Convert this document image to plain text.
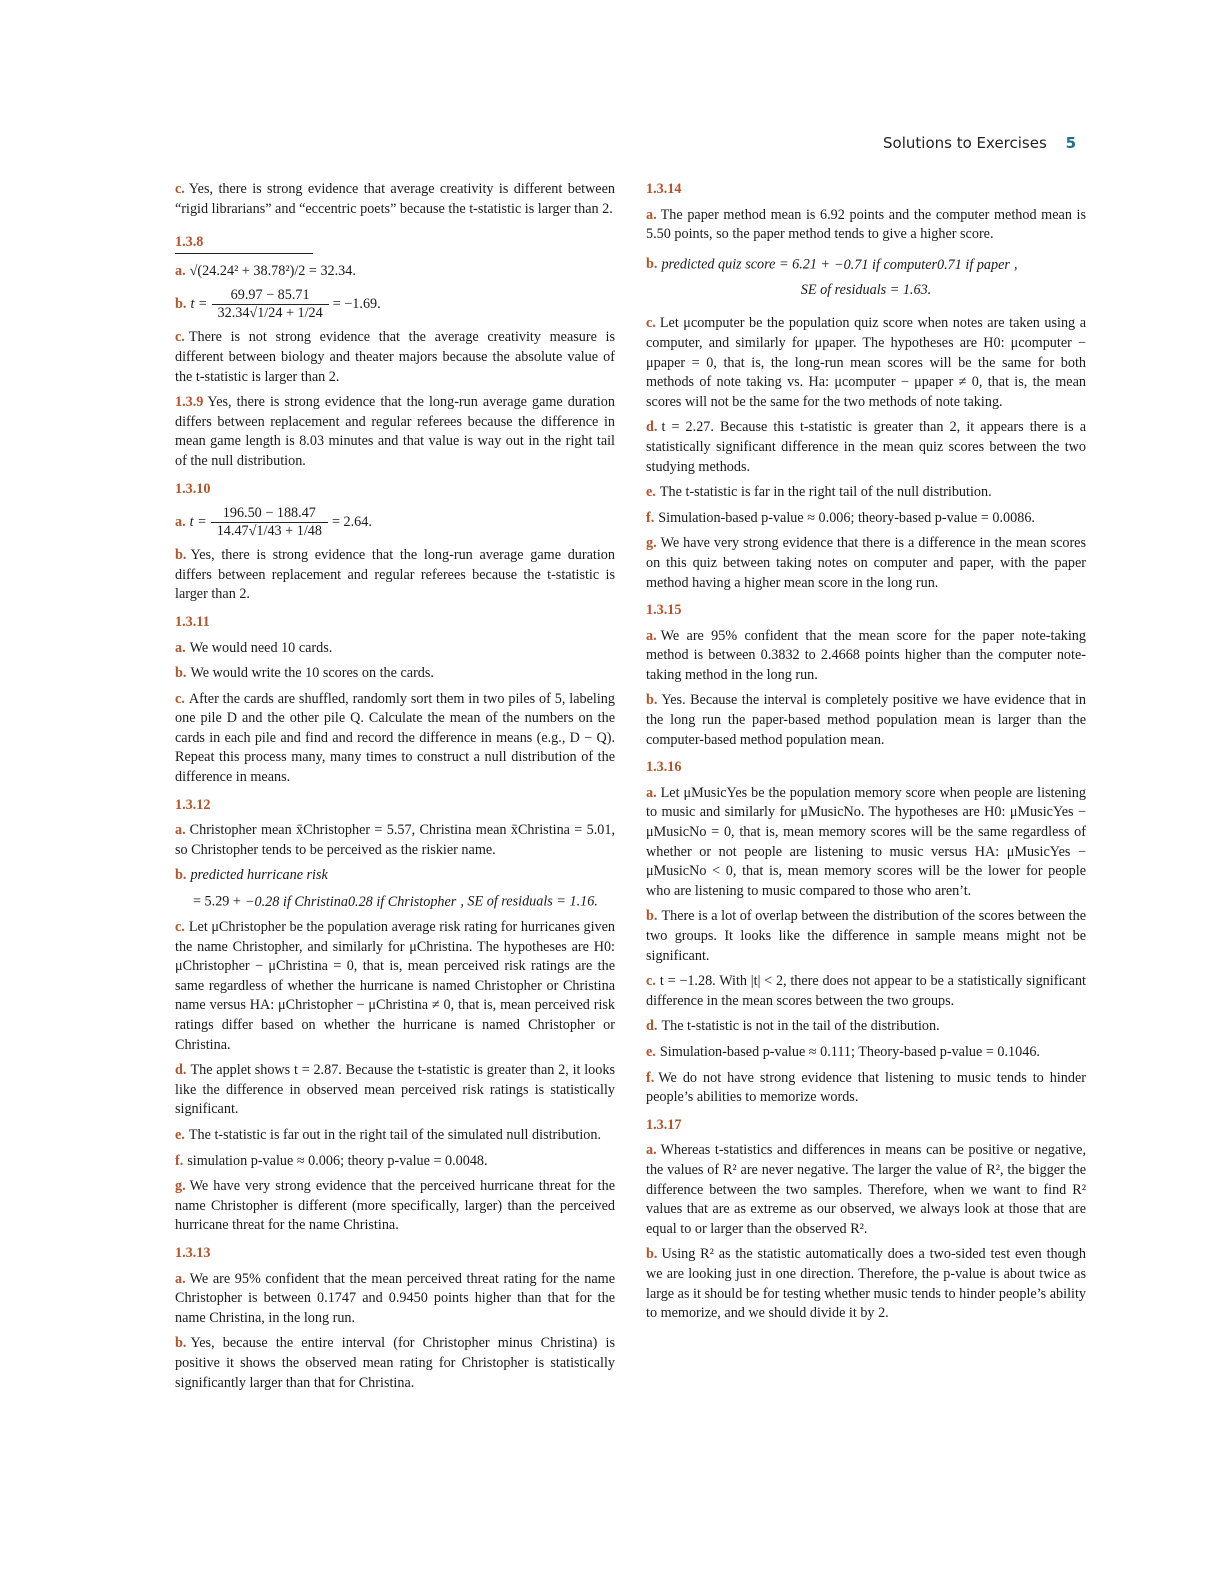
Solutions to Exercises 5

c. Yes, there is strong evidence that average creativity is different between “rigid librarians” and “eccentric poets” because the t-statistic is larger than 2.

1.3.8

a. √(24.24² + 38.78²)/2 = 32.34.

b. $t = \frac{69.97 - 85.71}{32.34√1/24 + 1/24} = -1.69$.

c. There is not strong evidence that the average creativity measure is different between biology and theater majors because the absolute value of the t-statistic is larger than 2.

1.3.9 Yes, there is strong evidence that the long-run average game duration differs between replacement and regular referees because the difference in mean game length is 8.03 minutes and that value is way out in the right tail of the null distribution.

1.3.10

a. $t = \frac{196.50 - 188.47}{14.47√1/43 + 1/48} = 2.64$.

b. Yes, there is strong evidence that the long-run average game duration differs between replacement and regular referees because the t-statistic is larger than 2.

1.3.11

a. We would need 10 cards.

b. We would write the 10 scores on the cards.

c. After the cards are shuffled, randomly sort them in two piles of 5, labeling one pile D and the other pile Q. Calculate the mean of the numbers on the cards in each pile and find and record the difference in means (e.g., D − Q). Repeat this process many, many times to construct a null distribution of the difference in means.

1.3.12

a. Christopher mean x̄Christopher = 5.57, Christina mean x̄Christina = 5.01, so Christopher tends to be perceived as the riskier name.

b. predicted hurricane risk

= 5.29 + −0.28 if Christina0.28 if Christopher , SE of residuals = 1.16.

c. Let μChristopher be the population average risk rating for hurricanes given the name Christopher, and similarly for μChristina. The hypotheses are H0: μChristopher − μChristina = 0, that is, mean perceived risk ratings are the same regardless of whether the hurricane is named Christopher or Christina name versus HA: μChristopher − μChristina ≠ 0, that is, mean perceived risk ratings differ based on whether the hurricane is named Christopher or Christina.

d. The applet shows t = 2.87. Because the t-statistic is greater than 2, it looks like the difference in observed mean perceived risk ratings is statistically significant.

e. The t-statistic is far out in the right tail of the simulated null distribution.

f. simulation p-value ≈ 0.006; theory p-value = 0.0048.

g. We have very strong evidence that the perceived hurricane threat for the name Christopher is different (more specifically, larger) than the perceived hurricane threat for the name Christina.

1.3.13

a. We are 95% confident that the mean perceived threat rating for the name Christopher is between 0.1747 and 0.9450 points higher than that for the name Christina, in the long run.

b. Yes, because the entire interval (for Christopher minus Christina) is positive it shows the observed mean rating for Christopher is statistically significantly larger than that for Christina.

1.3.14

a. The paper method mean is 6.92 points and the computer method mean is 5.50 points, so the paper method tends to give a higher score.

b. predicted quiz score = 6.21 + −0.71 if computer0.71 if paper ,

SE of residuals = 1.63.

c. Let μcomputer be the population quiz score when notes are taken using a computer, and similarly for μpaper. The hypotheses are H0: μcomputer − μpaper = 0, that is, the long-run mean scores will be the same for both methods of note taking vs. Ha: μcomputer − μpaper ≠ 0, that is, the mean scores will not be the same for the two methods of note taking.

d. t = 2.27. Because this t-statistic is greater than 2, it appears there is a statistically significant difference in the mean quiz scores between the two studying methods.

e. The t-statistic is far in the right tail of the null distribution.

f. Simulation-based p-value ≈ 0.006; theory-based p-value = 0.0086.

g. We have very strong evidence that there is a difference in the mean scores on this quiz between taking notes on computer and paper, with the paper method having a higher mean score in the long run.

1.3.15

a. We are 95% confident that the mean score for the paper note-taking method is between 0.3832 to 2.4668 points higher than the computer note-taking method in the long run.

b. Yes. Because the interval is completely positive we have evidence that in the long run the paper-based method population mean is larger than the computer-based method population mean.

1.3.16

a. Let μMusicYes be the population memory score when people are listening to music and similarly for μMusicNo. The hypotheses are H0: μMusicYes − μMusicNo = 0, that is, mean memory scores will be the same regardless of whether or not people are listening to music versus HA: μMusicYes − μMusicNo < 0, that is, mean memory scores will be the lower for people who are listening to music compared to those who aren’t.

b. There is a lot of overlap between the distribution of the scores between the two groups. It looks like the difference in sample means might not be significant.

c. t = −1.28. With |t| < 2, there does not appear to be a statistically significant difference in the mean scores between the two groups.

d. The t-statistic is not in the tail of the distribution.

e. Simulation-based p-value ≈ 0.111; Theory-based p-value = 0.1046.

f. We do not have strong evidence that listening to music tends to hinder people’s abilities to memorize words.

1.3.17

a. Whereas t-statistics and differences in means can be positive or negative, the values of R² are never negative. The larger the value of R², the bigger the difference between the two samples. Therefore, when we want to find R² values that are as extreme as our observed, we always look at those that are equal to or larger than the observed R².

b. Using R² as the statistic automatically does a two-sided test even though we are looking just in one direction. Therefore, the p-value is about twice as large as it should be for testing whether music tends to hinder people’s ability to memorize, and we should divide it by 2.
